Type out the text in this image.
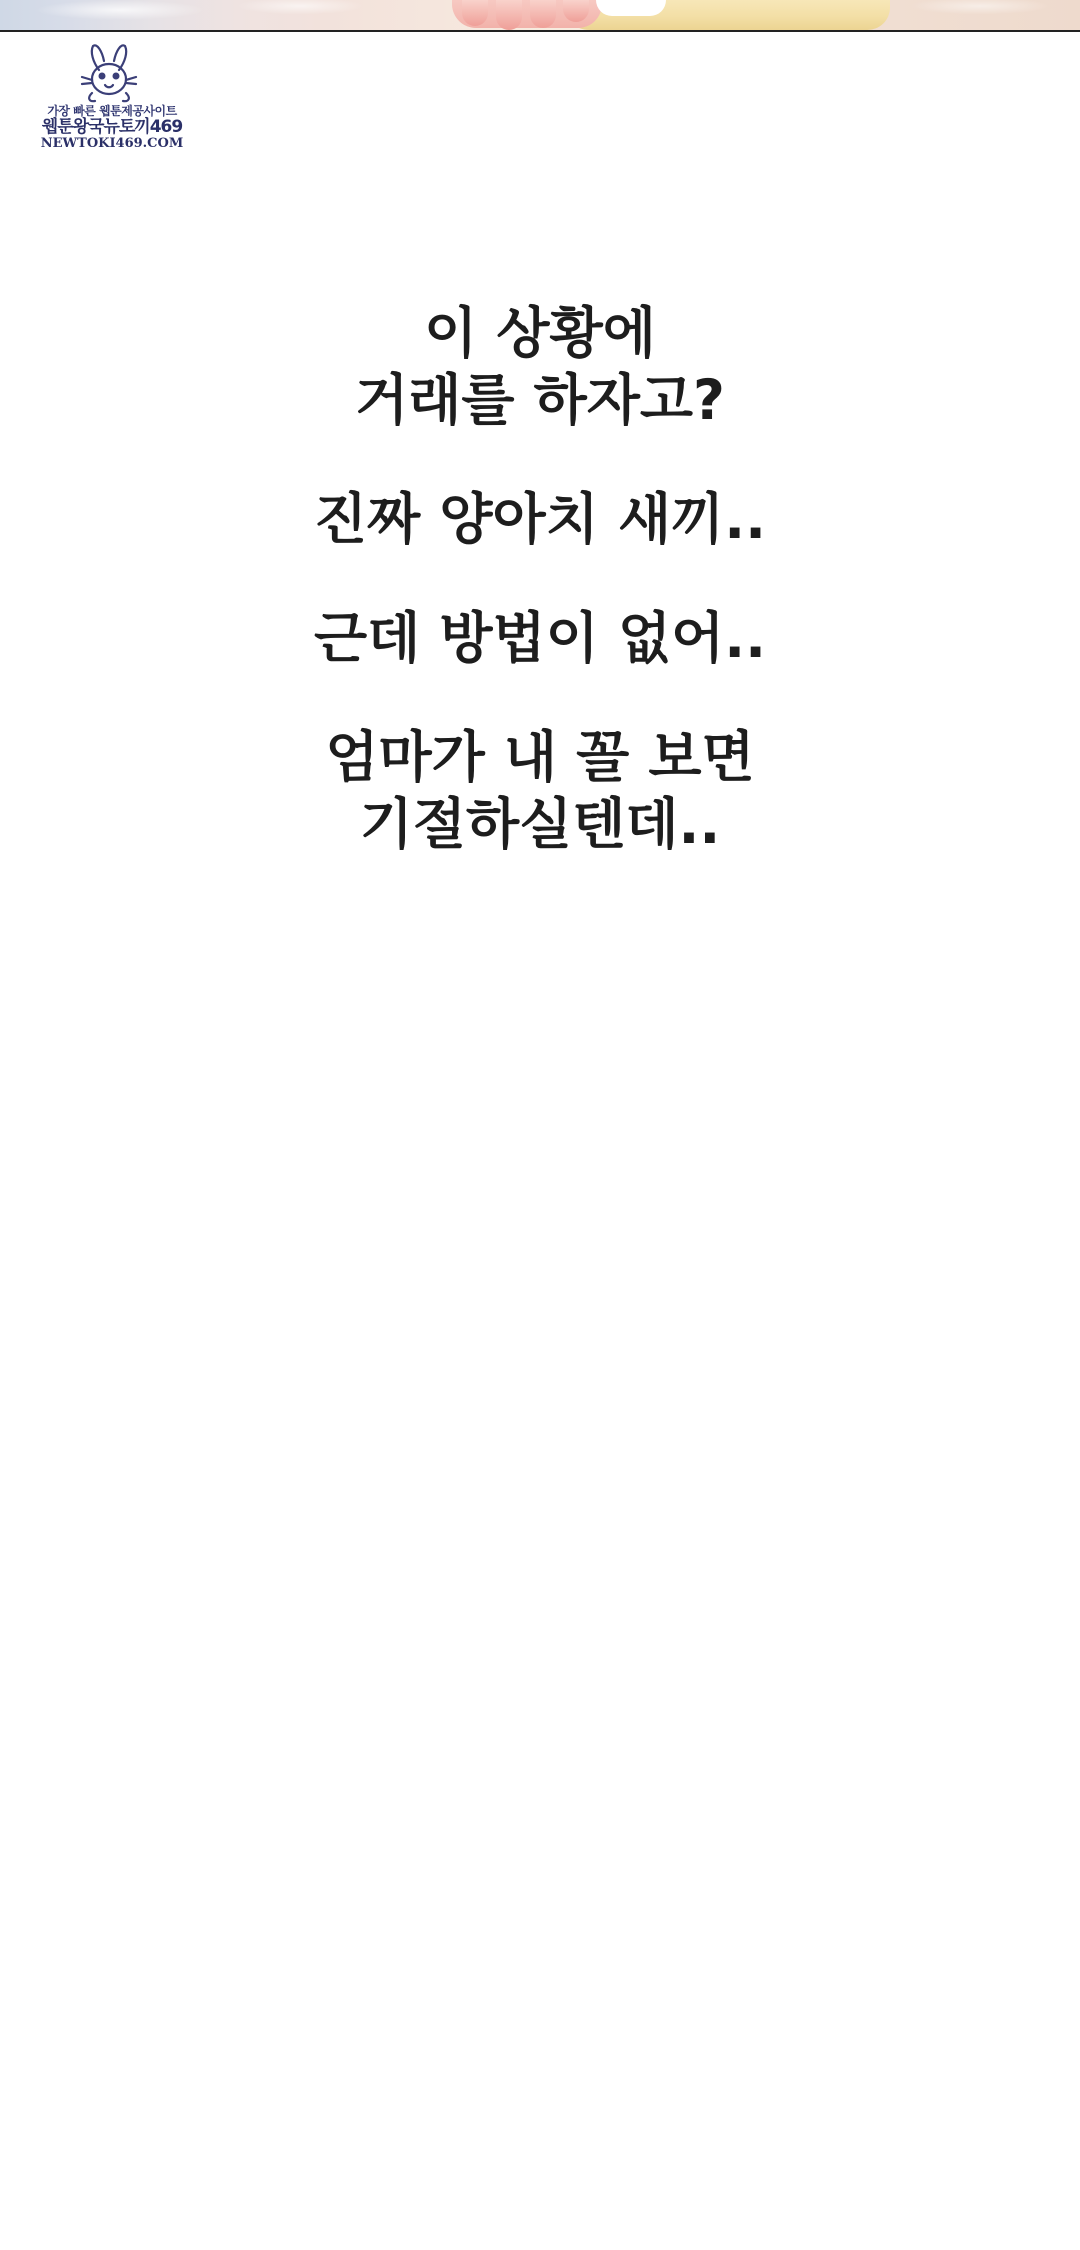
가장 빠른 웹툰제공사이트
웹툰왕국뉴토끼469
NEWTOKI469.COM
이 상황에
거래를 하자고?
진짜 양아치 새끼..
근데 방법이 없어..
엄마가 내 꼴 보면
기절하실텐데..
